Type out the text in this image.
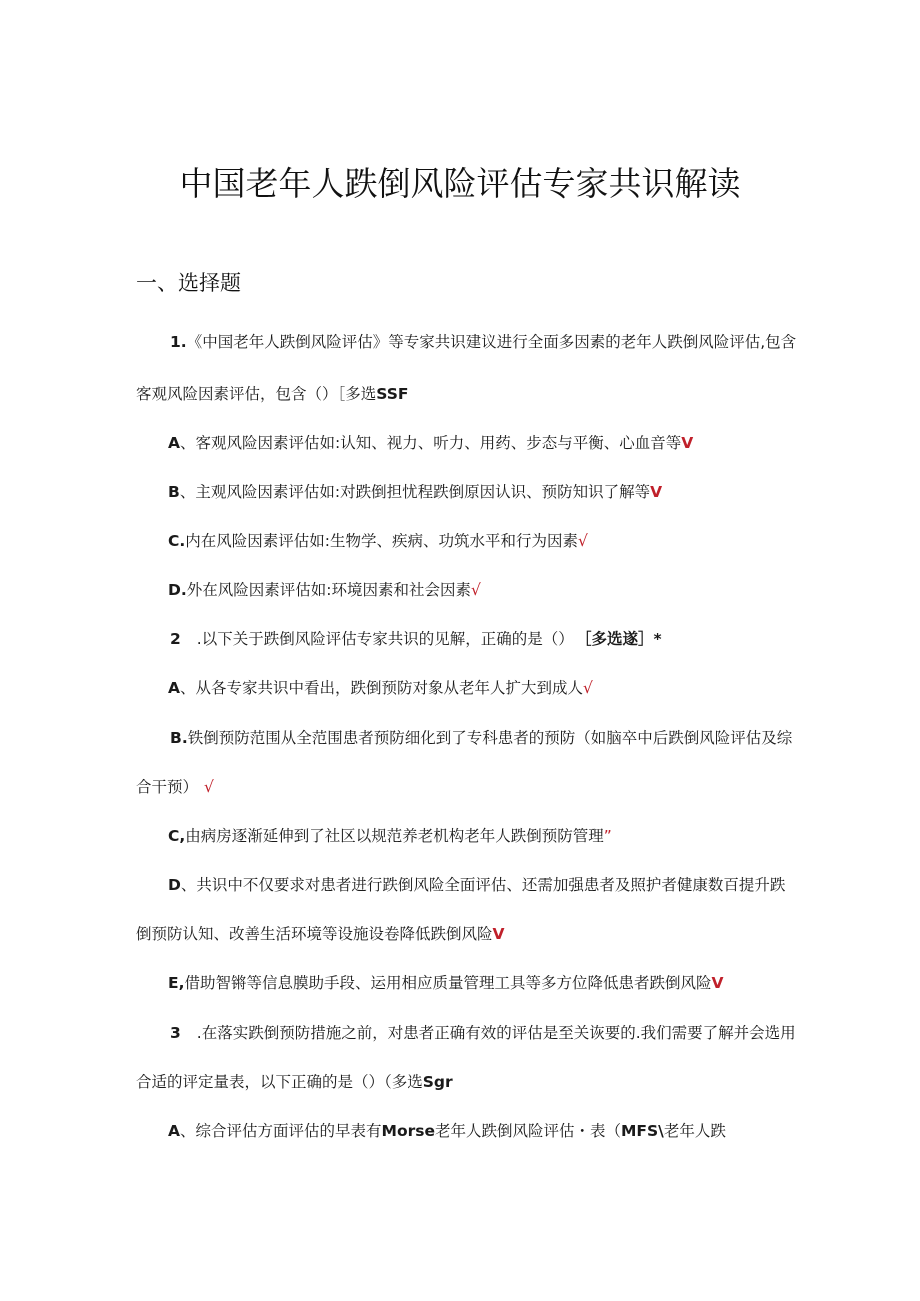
中国老年人跌倒风险评估专家共识解读
一、选择题
1.《中国老年人跌倒风险评估》等专家共识建议进行全面多因素的老年人跌倒风险评估,包含
客观风险因素评估，包含（）［多选SSF
A、客观风险因素评估如:认知、视力、听力、用药、步态与平衡、心血音等V
B、主观风险因素评估如:对跌倒担忧程跌倒原因认识、预防知识了解等V
C.内在风险因素评估如:生物学、疾病、功筑水平和行为因素√
D.外在风险因素评估如:环境因素和社会因素√
2 .以下关于跌倒风险评估专家共识的见解，正确的是（） ［多选遂］*
A、从各专家共识中看出，跌倒预防对象从老年人扩大到成人√
B.铁倒预防范围从全范围患者预防细化到了专科患者的预防（如脑卒中后跌倒风险评估及综
合干预） √
C,由病房逐渐延伸到了社区以规范养老机构老年人跌倒预防管理”
D、共识中不仅要求对患者进行跌倒风险全面评估、还需加强患者及照护者健康数百提升跌
倒预防认知、改善生活环境等设施设卷降低跌倒风险V
E,借助智锵等信息膜助手段、运用相应质量管理工具等多方位降低患者跌倒风险V
3 .在落实跌倒预防措施之前，对患者正确有效的评估是至关诙要的.我们需要了解并会选用
合适的评定量表，以下正确的是（）（多选Sgr
A、综合评估方面评估的早表有Morse老年人跌倒风险评估・表（MFS\老年人跌
